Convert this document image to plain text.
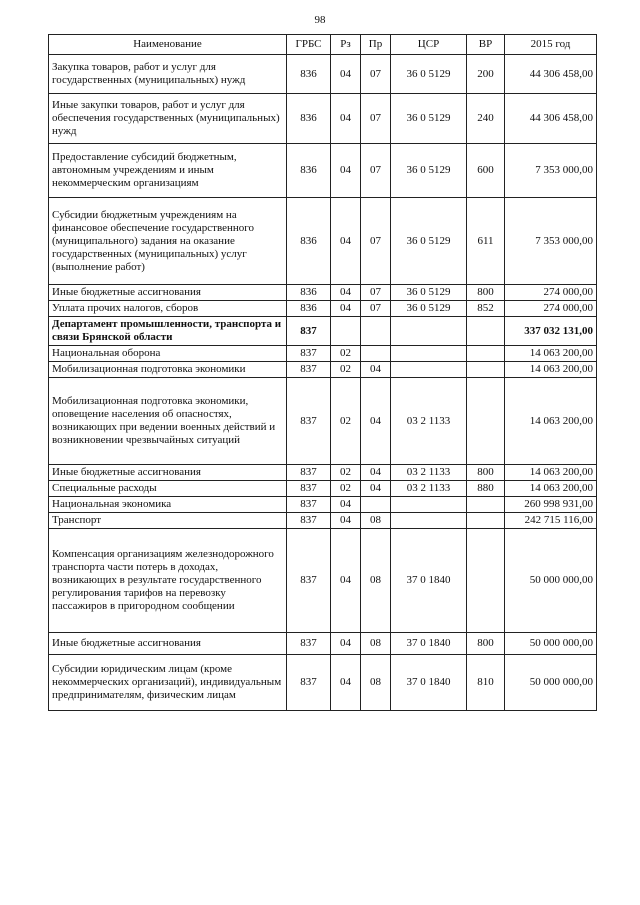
98
Наименование	ГРБС	Рз	Пр	ЦСР	ВР	2015 год
Закупка товаров, работ и услуг для государственных (муниципальных) нужд	836	04	07	36 0 5129	200	44 306 458,00
Иные закупки товаров, работ и услуг для обеспечения государственных (муниципальных) нужд	836	04	07	36 0 5129	240	44 306 458,00
Предоставление субсидий бюджетным, автономным учреждениям и иным некоммерческим организациям	836	04	07	36 0 5129	600	7 353 000,00
Субсидии бюджетным учреждениям на финансовое обеспечение государственного (муниципального) задания на оказание государственных (муниципальных) услуг (выполнение работ)	836	04	07	36 0 5129	611	7 353 000,00
Иные бюджетные ассигнования	836	04	07	36 0 5129	800	274 000,00
Уплата прочих налогов, сборов	836	04	07	36 0 5129	852	274 000,00
Департамент промышленности, транспорта и связи Брянской области	837					337 032 131,00
Национальная оборона	837	02				14 063 200,00
Мобилизационная подготовка экономики	837	02	04			14 063 200,00
Мобилизационная подготовка экономики, оповещение населения об опасностях, возникающих при ведении военных действий и возникновении чрезвычайных ситуаций	837	02	04	03 2 1133		14 063 200,00
Иные бюджетные ассигнования	837	02	04	03 2 1133	800	14 063 200,00
Специальные расходы	837	02	04	03 2 1133	880	14 063 200,00
Национальная экономика	837	04				260 998 931,00
Транспорт	837	04	08			242 715 116,00
Компенсация организациям железнодорожного транспорта части потерь в доходах, возникающих в результате государственного регулирования тарифов на перевозку пассажиров в пригородном сообщении	837	04	08	37 0 1840		50 000 000,00
Иные бюджетные ассигнования	837	04	08	37 0 1840	800	50 000 000,00
Субсидии юридическим лицам (кроме некоммерческих организаций), индивидуальным предпринимателям, физическим лицам	837	04	08	37 0 1840	810	50 000 000,00
